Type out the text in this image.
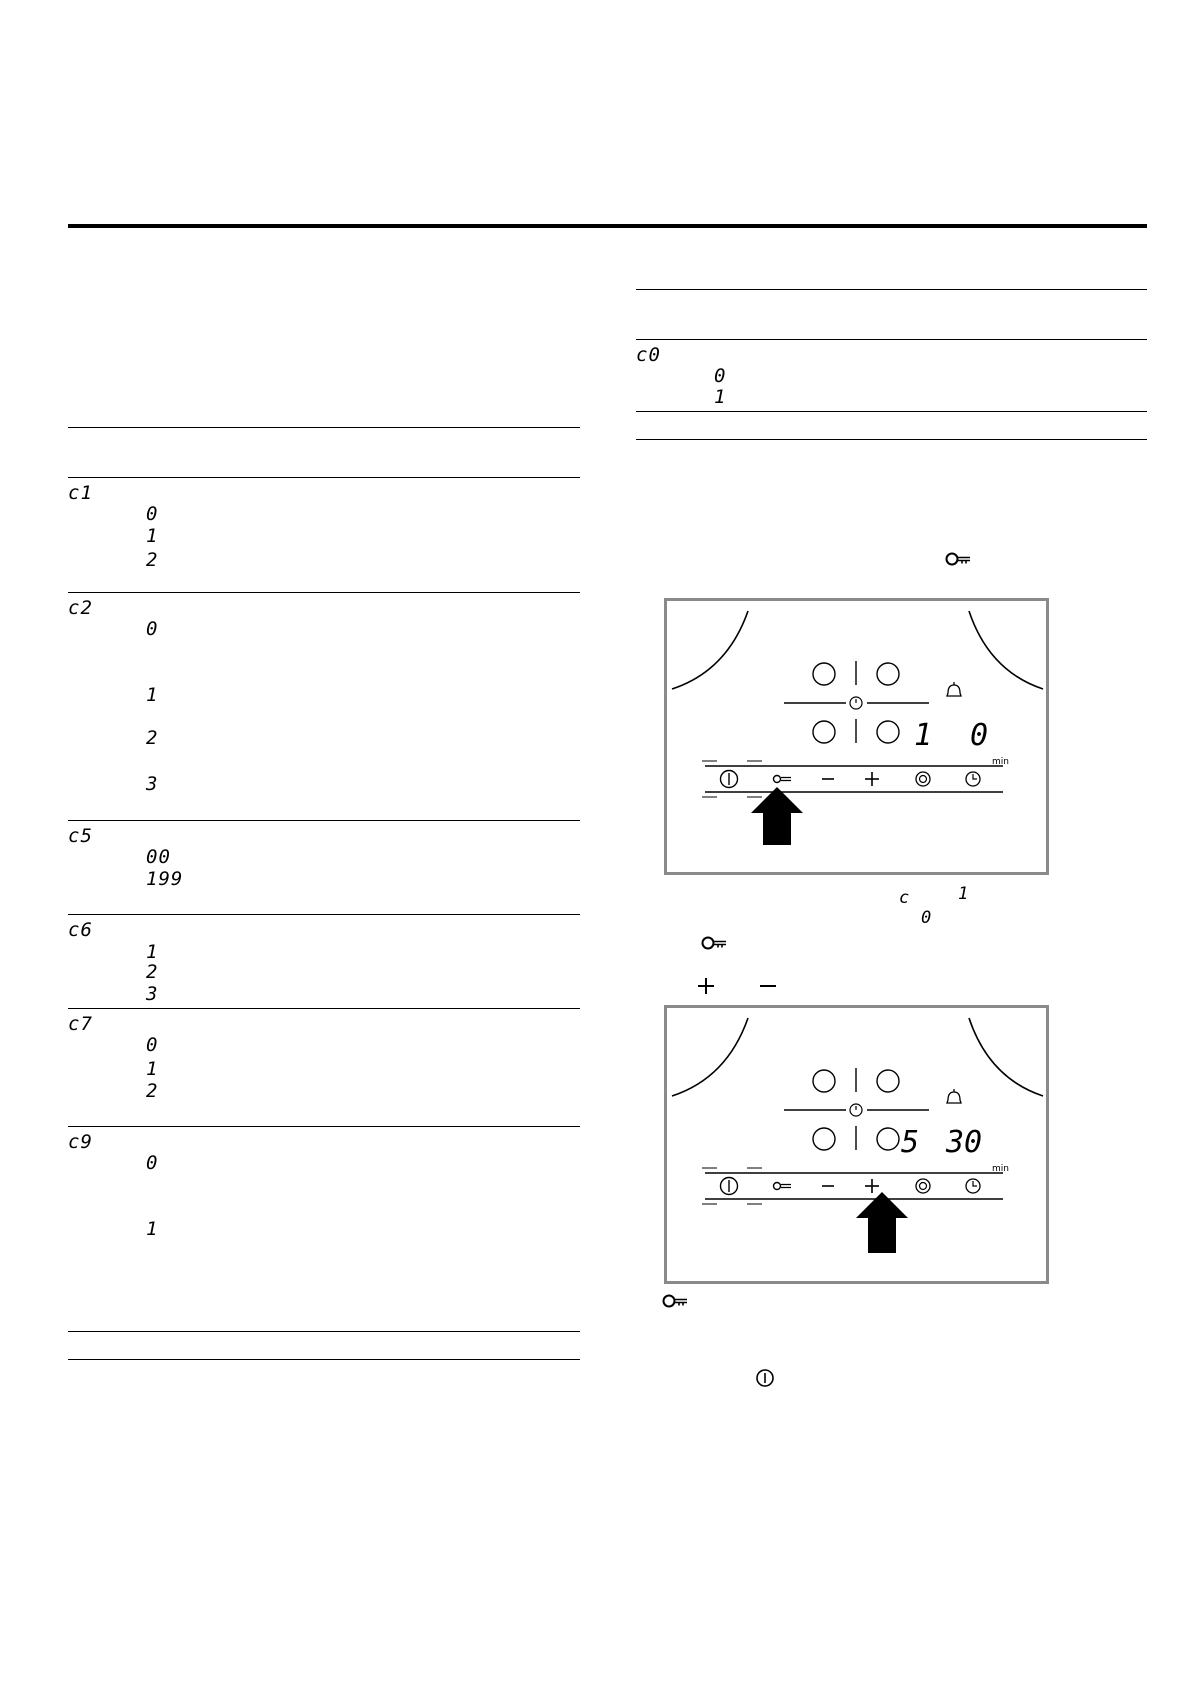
c1
0
1
2
c2
0
1
2
3
c5
00
199
c6
1
2
3
c7
0
1
2
c9
0
1
c0
0
1
1 0
min
c	1
0
5 30
min
